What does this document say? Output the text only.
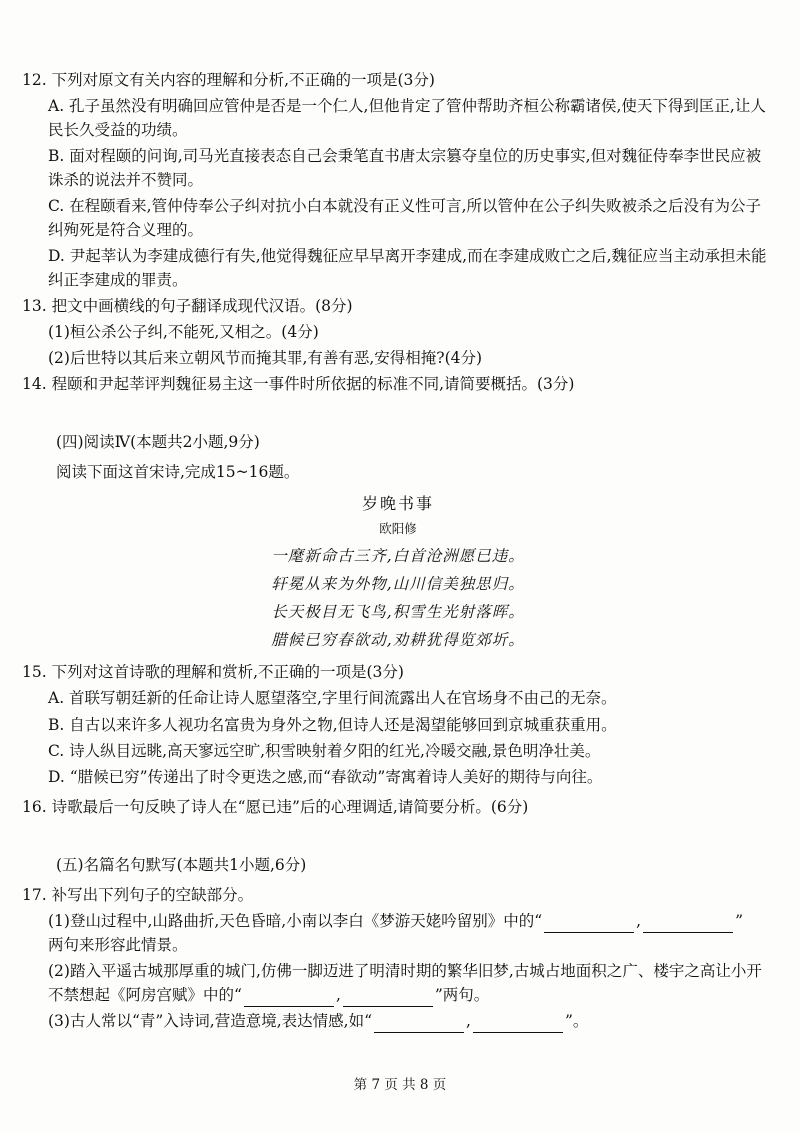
12. 下列对原文有关内容的理解和分析,不正确的一项是(3分)
A. 孔子虽然没有明确回应管仲是否是一个仁人,但他肯定了管仲帮助齐桓公称霸诸侯,使天下得到匡正,让人民长久受益的功绩。
B. 面对程颐的问询,司马光直接表态自己会秉笔直书唐太宗篡夺皇位的历史事实,但对魏征侍奉李世民应被诛杀的说法并不赞同。
C. 在程颐看来,管仲侍奉公子纠对抗小白本就没有正义性可言,所以管仲在公子纠失败被杀之后没有为公子纠殉死是符合义理的。
D. 尹起莘认为李建成德行有失,他觉得魏征应早早离开李建成,而在李建成败亡之后,魏征应当主动承担未能纠正李建成的罪责。
13. 把文中画横线的句子翻译成现代汉语。(8分)
(1)桓公杀公子纠,不能死,又相之。(4分)
(2)后世特以其后来立朝风节而掩其罪,有善有恶,安得相掩?(4分)
14. 程颐和尹起莘评判魏征易主这一事件时所依据的标准不同,请简要概括。(3分)
(四)阅读Ⅳ(本题共2小题,9分)
阅读下面这首宋诗,完成15~16题。
岁晚书事
欧阳修
一麾新命古三齐,白首沧洲愿已违。
轩冕从来为外物,山川信美独思归。
长天极目无飞鸟,积雪生光射落晖。
腊候已穷春欲动,劝耕犹得览郊圻。
15. 下列对这首诗歌的理解和赏析,不正确的一项是(3分)
A. 首联写朝廷新的任命让诗人愿望落空,字里行间流露出人在官场身不由己的无奈。
B. 自古以来许多人视功名富贵为身外之物,但诗人还是渴望能够回到京城重获重用。
C. 诗人纵目远眺,高天寥远空旷,积雪映射着夕阳的红光,冷暖交融,景色明净壮美。
D. “腊候已穷”传递出了时令更迭之感,而“春欲动”寄寓着诗人美好的期待与向往。
16. 诗歌最后一句反映了诗人在“愿已违”后的心理调适,请简要分析。(6分)
(五)名篇名句默写(本题共1小题,6分)
17. 补写出下列句子的空缺部分。
(1)登山过程中,山路曲折,天色昏暗,小南以李白《梦游天姥吟留别》中的“	,	”
两句来形容此情景。
(2)踏入平遥古城那厚重的城门,仿佛一脚迈进了明清时期的繁华旧梦,古城占地面积之广、楼宇之高让小开不禁想起《阿房宫赋》中的“	,	”两句。
(3)古人常以“青”入诗词,营造意境,表达情感,如“	,	”。
第 7 页 共 8 页
